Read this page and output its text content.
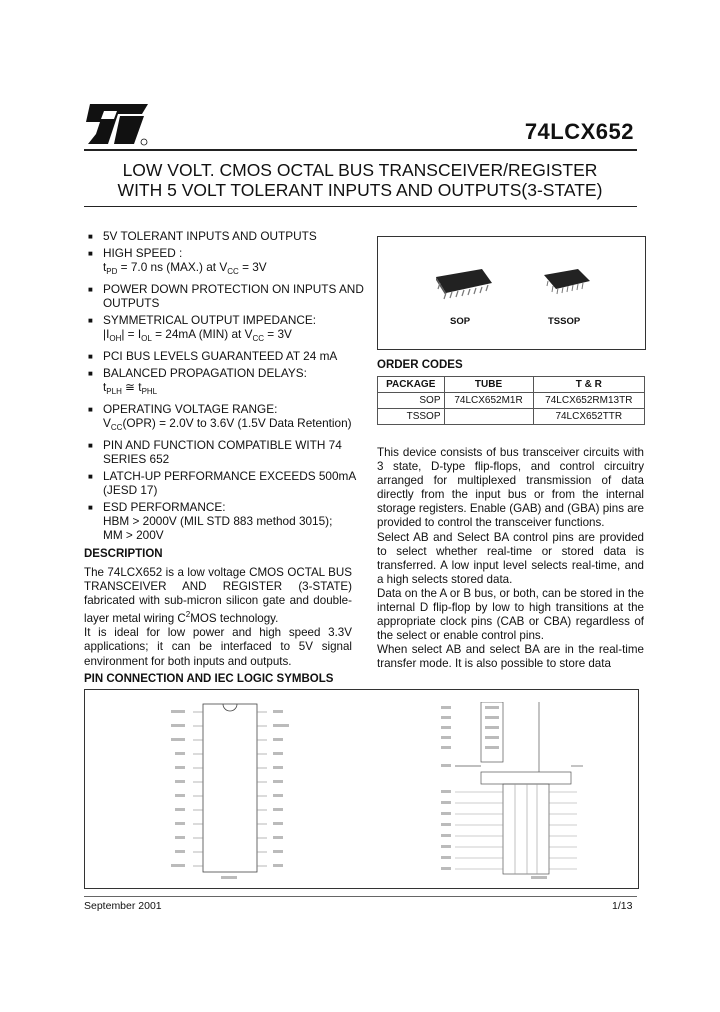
74LCX652
LOW VOLT. CMOS OCTAL BUS TRANSCEIVER/REGISTER
WITH 5 VOLT TOLERANT INPUTS AND OUTPUTS(3-STATE)
■ 5V TOLERANT INPUTS AND OUTPUTS
■ HIGH SPEED :
$t_{PD} = 7.0$ ns (MAX.) at $V_{CC} = 3V$
■ POWER DOWN PROTECTION ON INPUTS AND OUTPUTS
■ SYMMETRICAL OUTPUT IMPEDANCE:
$|I_{OH}| = I_{OL} = 24mA$ (MIN) at $V_{CC} = 3V$
■ PCI BUS LEVELS GUARANTEED AT 24 mA
■ BALANCED PROPAGATION DELAYS:
$t_{PLH}$ ≅ $t_{PHL}$
■ OPERATING VOLTAGE RANGE:
$V_{CC}(OPR) = 2.0V$ to 3.6V (1.5V Data Retention)
■ PIN AND FUNCTION COMPATIBLE WITH 74 SERIES 652
■ LATCH-UP PERFORMANCE EXCEEDS 500mA (JESD 17)
■ ESD PERFORMANCE:
HBM > 2000V (MIL STD 883 method 3015);
MM > 200V
SOP	TSSOP
ORDER CODES
PACKAGE	TUBE	T & R
SOP	74LCX652M1R	74LCX652RM13TR
TSSOP		74LCX652TTR
DESCRIPTION
The 74LCX652 is a low voltage CMOS OCTAL BUS TRANSCEIVER AND REGISTER (3-STATE) fabricated with sub-micron silicon gate and double-layer metal wiring $C^2MOS$ technology.
It is ideal for low power and high speed 3.3V applications; it can be interfaced to 5V signal environment for both inputs and outputs.
This device consists of bus transceiver circuits with 3 state, D-type flip-flops, and control circuitry arranged for multiplexed transmission of data directly from the input bus or from the internal storage registers. Enable (GAB) and (GBA) pins are provided to control the transceiver functions.
Select AB and Select BA control pins are provided to select whether real-time or stored data is transferred. A low input level selects real-time, and a high selects stored data.
Data on the A or B bus, or both, can be stored in the internal D flip-flop by low to high transitions at the appropriate clock pins (CAB or CBA) regardless of the select or enable control pins.
When select AB and select BA are in the real-time transfer mode. It is also possible to store data
PIN CONNECTION AND IEC LOGIC SYMBOLS
September 2001	1/13
